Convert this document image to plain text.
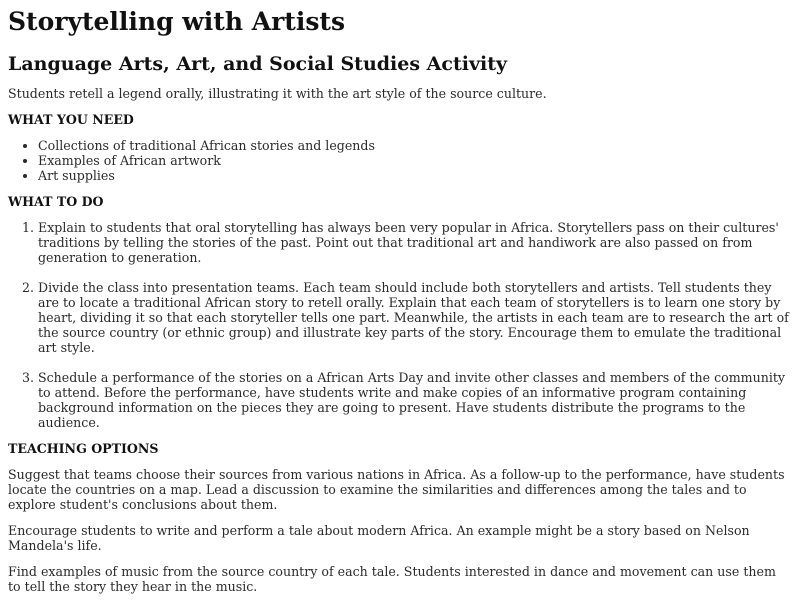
Storytelling with Artists
Language Arts, Art, and Social Studies Activity

Students retell a legend orally, illustrating it with the art style of the source culture.

WHAT YOU NEED
• Collections of traditional African stories and legends
• Examples of African artwork
• Art supplies
WHAT TO DO
1. Explain to students that oral storytelling has always been very popular in Africa. Storytellers pass on their cultures' traditions by telling the stories of the past. Point out that traditional art and handiwork are also passed on from generation to generation.
2. Divide the class into presentation teams. Each team should include both storytellers and artists. Tell students they are to locate a traditional African story to retell orally. Explain that each team of storytellers is to learn one story by heart, dividing it so that each storyteller tells one part. Meanwhile, the artists in each team are to research the art of the source country (or ethnic group) and illustrate key parts of the story. Encourage them to emulate the traditional art style.
3. Schedule a performance of the stories on a African Arts Day and invite other classes and members of the community to attend. Before the performance, have students write and make copies of an informative program containing background information on the pieces they are going to present. Have students distribute the programs to the audience.
TEACHING OPTIONS

Suggest that teams choose their sources from various nations in Africa. As a follow-up to the performance, have students locate the countries on a map. Lead a discussion to examine the similarities and differences among the tales and to explore student's conclusions about them.

Encourage students to write and perform a tale about modern Africa. An example might be a story based on Nelson Mandela's life.

Find examples of music from the source country of each tale. Students interested in dance and movement can use them to tell the story they hear in the music.
